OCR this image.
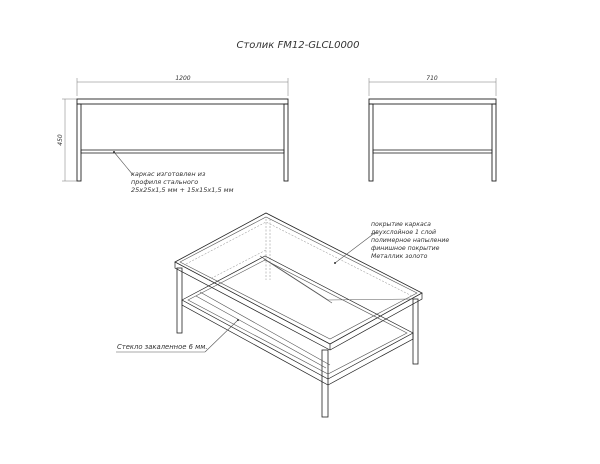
Столик FM12-GLCL0000
1200
450
710
каркас изготовлен из
профиля стального
25х25х1,5 мм + 15х15х1,5 мм
покрытие каркаса
двухслойное 1 слой
полимерное напыление
финишное покрытие
Металлик золото
Стекло закаленное 6 мм.
